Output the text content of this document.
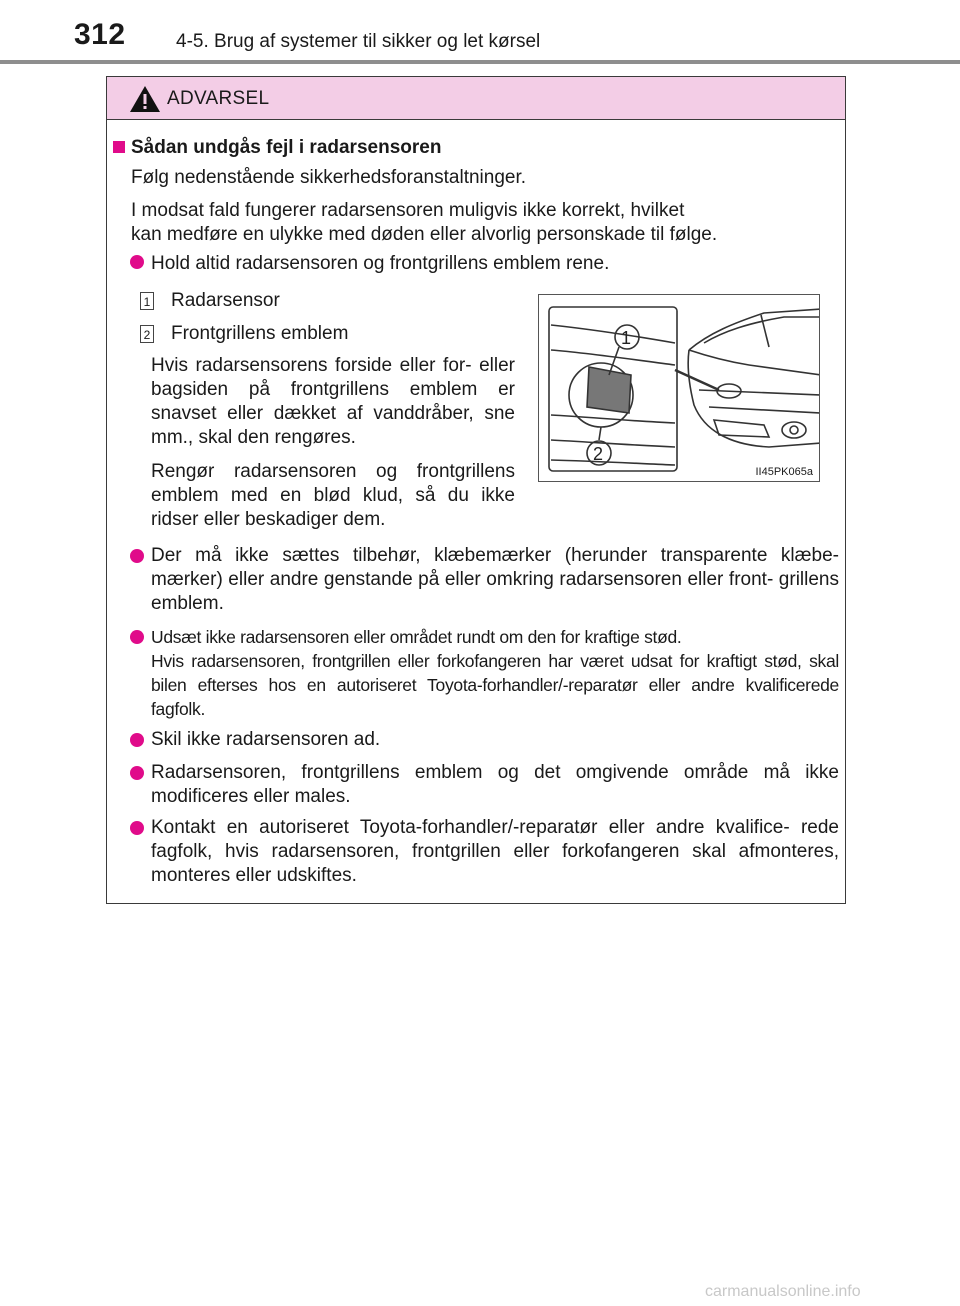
312	4-5. Brug af systemer til sikker og let kørsel
ADVARSEL
Sådan undgås fejl i radarsensoren
Følg nedenstående sikkerhedsforanstaltninger.
I modsat fald fungerer radarsensoren muligvis ikke korrekt, hvilket
kan medføre en ulykke med døden eller alvorlig personskade til følge.
Hold altid radarsensoren og frontgrillens emblem rene.
1 Radarsensor
2 Frontgrillens emblem
Hvis radarsensorens forside eller for- eller bagsiden på frontgrillens emblem er snavset eller dækket af vanddråber, sne mm., skal den rengøres.
Rengør radarsensoren og frontgrillens emblem med en blød klud, så du ikke ridser eller beskadiger dem.
1
2
II45PK065a
Der må ikke sættes tilbehør, klæbemærker (herunder transparente klæbe- mærker) eller andre genstande på eller omkring radarsensoren eller front- grillens emblem.
Udsæt ikke radarsensoren eller området rundt om den for kraftige stød.
Hvis radarsensoren, frontgrillen eller forkofangeren har været udsat for kraftigt stød, skal bilen efterses hos en autoriseret Toyota-forhandler/-reparatør eller andre kvalificerede fagfolk.
Skil ikke radarsensoren ad.
Radarsensoren, frontgrillens emblem og det omgivende område må ikke modificeres eller males.
Kontakt en autoriseret Toyota-forhandler/-reparatør eller andre kvalifice- rede fagfolk, hvis radarsensoren, frontgrillen eller forkofangeren skal afmonteres, monteres eller udskiftes.
carmanualsonline.info
